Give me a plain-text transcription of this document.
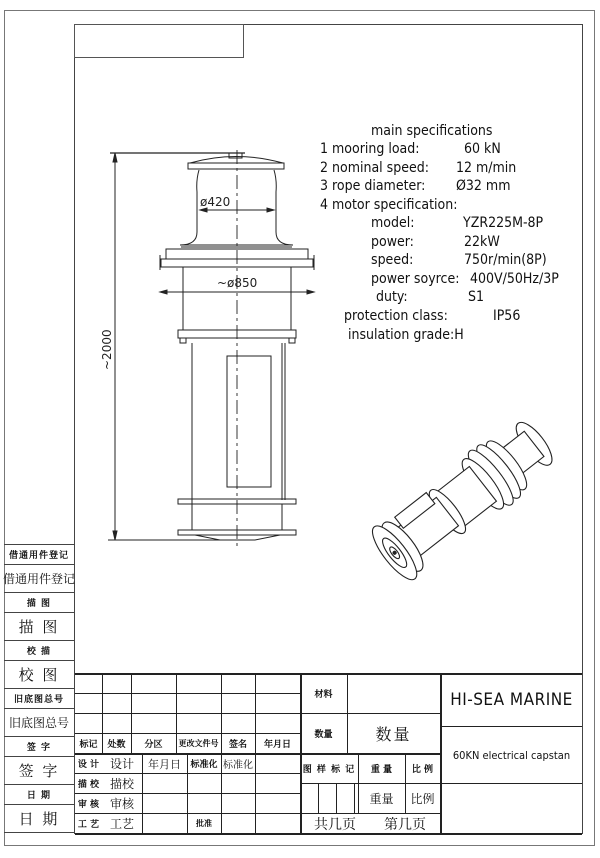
ø420
~ø850
~2000
main specifications
1 mooring load:	60 kN
2 nominal speed: 12 m/min
3 rope diameter: Ø32 mm
4 motor specification:
model:	YZR225M-8P
power:	22kW
speed:	750r/min(8P)
power soyrce: 400V/50Hz/3P
duty:	S1
protection class:	IP56
insulation grade:H
借通用件登记
借通用件登记
描 图
描 图
校 描
校 图
旧底图总号
旧底图总号
签 字
签 字
日 期
日 期
标记	处数	分区	更改文件号	签名	年月日
设 计 设计	年月日	标准化 标准化
描 校 描校
审 核 审核
工 艺 工艺	批准
材料
数量	数量
图 样 标 记	重 量	比 例
重量	比例
共几页	第几页
HI-SEA MARINE
60KN electrical capstan
